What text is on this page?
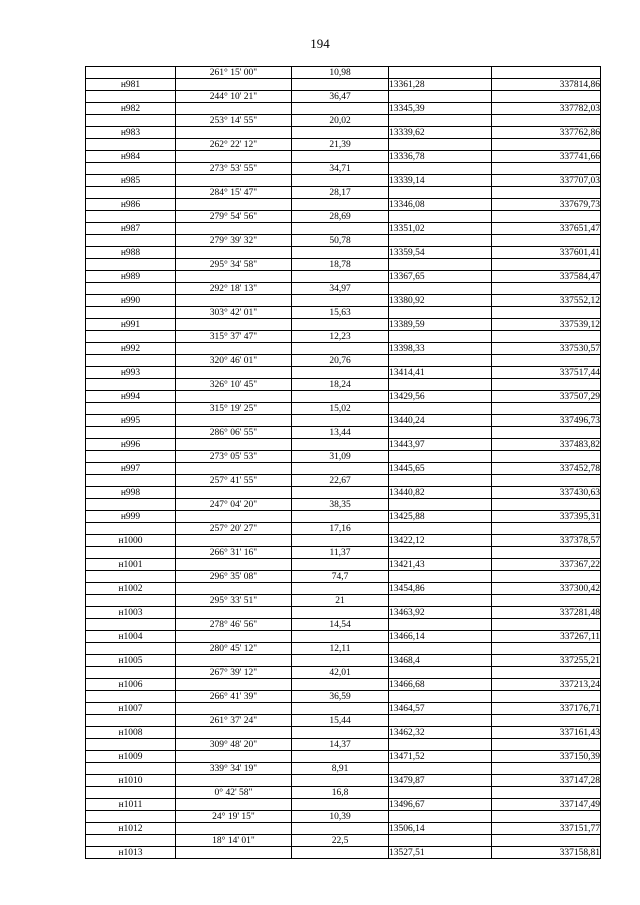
194
	261° 15' 00"	10,98		
н981			13361,28	337814,86
	244° 10' 21"	36,47		
н982			13345,39	337782,03
	253° 14' 55"	20,02		
н983			13339,62	337762,86
	262° 22' 12"	21,39		
н984			13336,78	337741,66
	273° 53' 55"	34,71		
н985			13339,14	337707,03
	284° 15' 47"	28,17		
н986			13346,08	337679,73
	279° 54' 56"	28,69		
н987			13351,02	337651,47
	279° 39' 32"	50,78		
н988			13359,54	337601,41
	295° 34' 58"	18,78		
н989			13367,65	337584,47
	292° 18' 13"	34,97		
н990			13380,92	337552,12
	303° 42' 01"	15,63		
н991			13389,59	337539,12
	315° 37' 47"	12,23		
н992			13398,33	337530,57
	320° 46' 01"	20,76		
н993			13414,41	337517,44
	326° 10' 45"	18,24		
н994			13429,56	337507,29
	315° 19' 25"	15,02		
н995			13440,24	337496,73
	286° 06' 55"	13,44		
н996			13443,97	337483,82
	273° 05' 53"	31,09		
н997			13445,65	337452,78
	257° 41' 55"	22,67		
н998			13440,82	337430,63
	247° 04' 20"	38,35		
н999			13425,88	337395,31
	257° 20' 27"	17,16		
н1000			13422,12	337378,57
	266° 31' 16"	11,37		
н1001			13421,43	337367,22
	296° 35' 08"	74,7		
н1002			13454,86	337300,42
	295° 33' 51"	21		
н1003			13463,92	337281,48
	278° 46' 56"	14,54		
н1004			13466,14	337267,11
	280° 45' 12"	12,11		
н1005			13468,4	337255,21
	267° 39' 12"	42,01		
н1006			13466,68	337213,24
	266° 41' 39"	36,59		
н1007			13464,57	337176,71
	261° 37' 24"	15,44		
н1008			13462,32	337161,43
	309° 48' 20"	14,37		
н1009			13471,52	337150,39
	339° 34' 19"	8,91		
н1010			13479,87	337147,28
	0° 42' 58"	16,8		
н1011			13496,67	337147,49
	24° 19' 15"	10,39		
н1012			13506,14	337151,77
	18° 14' 01"	22,5		
н1013			13527,51	337158,81
